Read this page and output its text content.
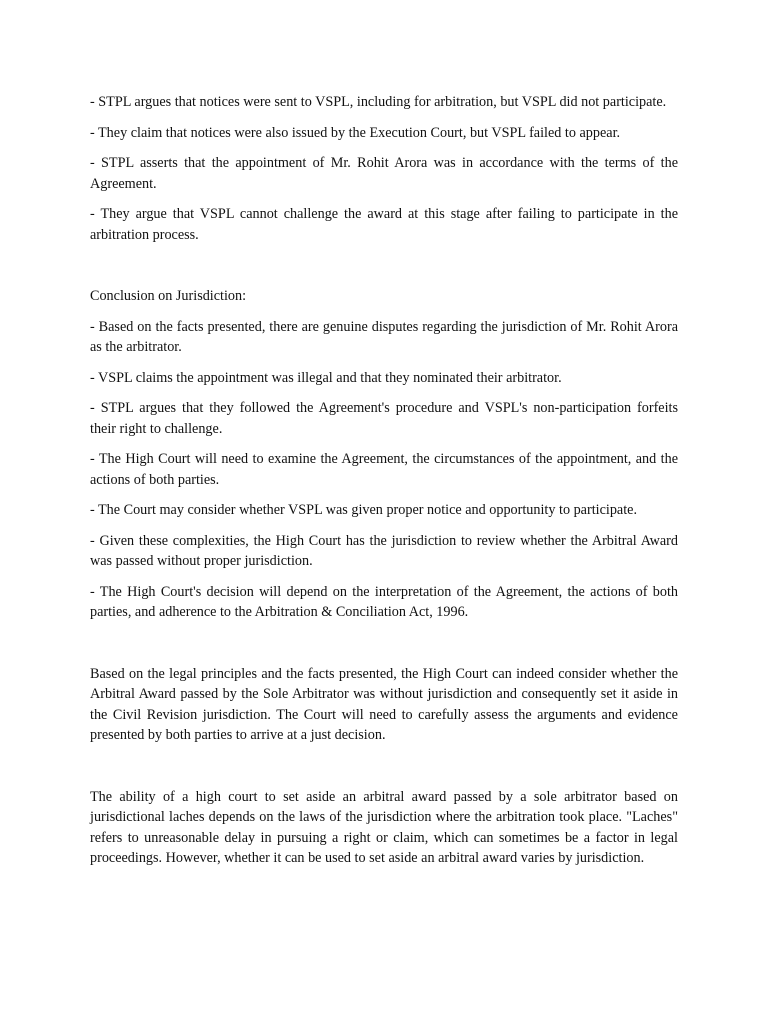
- STPL argues that notices were sent to VSPL, including for arbitration, but VSPL did not participate.

- They claim that notices were also issued by the Execution Court, but VSPL failed to appear.

- STPL asserts that the appointment of Mr. Rohit Arora was in accordance with the terms of the Agreement.

- They argue that VSPL cannot challenge the award at this stage after failing to participate in the arbitration process.

Conclusion on Jurisdiction:

- Based on the facts presented, there are genuine disputes regarding the jurisdiction of Mr. Rohit Arora as the arbitrator.

- VSPL claims the appointment was illegal and that they nominated their arbitrator.

- STPL argues that they followed the Agreement's procedure and VSPL's non-participation forfeits their right to challenge.

- The High Court will need to examine the Agreement, the circumstances of the appointment, and the actions of both parties.

- The Court may consider whether VSPL was given proper notice and opportunity to participate.

- Given these complexities, the High Court has the jurisdiction to review whether the Arbitral Award was passed without proper jurisdiction.

- The High Court's decision will depend on the interpretation of the Agreement, the actions of both parties, and adherence to the Arbitration & Conciliation Act, 1996.

Based on the legal principles and the facts presented, the High Court can indeed consider whether the Arbitral Award passed by the Sole Arbitrator was without jurisdiction and consequently set it aside in the Civil Revision jurisdiction. The Court will need to carefully assess the arguments and evidence presented by both parties to arrive at a just decision.

The ability of a high court to set aside an arbitral award passed by a sole arbitrator based on jurisdictional laches depends on the laws of the jurisdiction where the arbitration took place. "Laches" refers to unreasonable delay in pursuing a right or claim, which can sometimes be a factor in legal proceedings. However, whether it can be used to set aside an arbitral award varies by jurisdiction.
